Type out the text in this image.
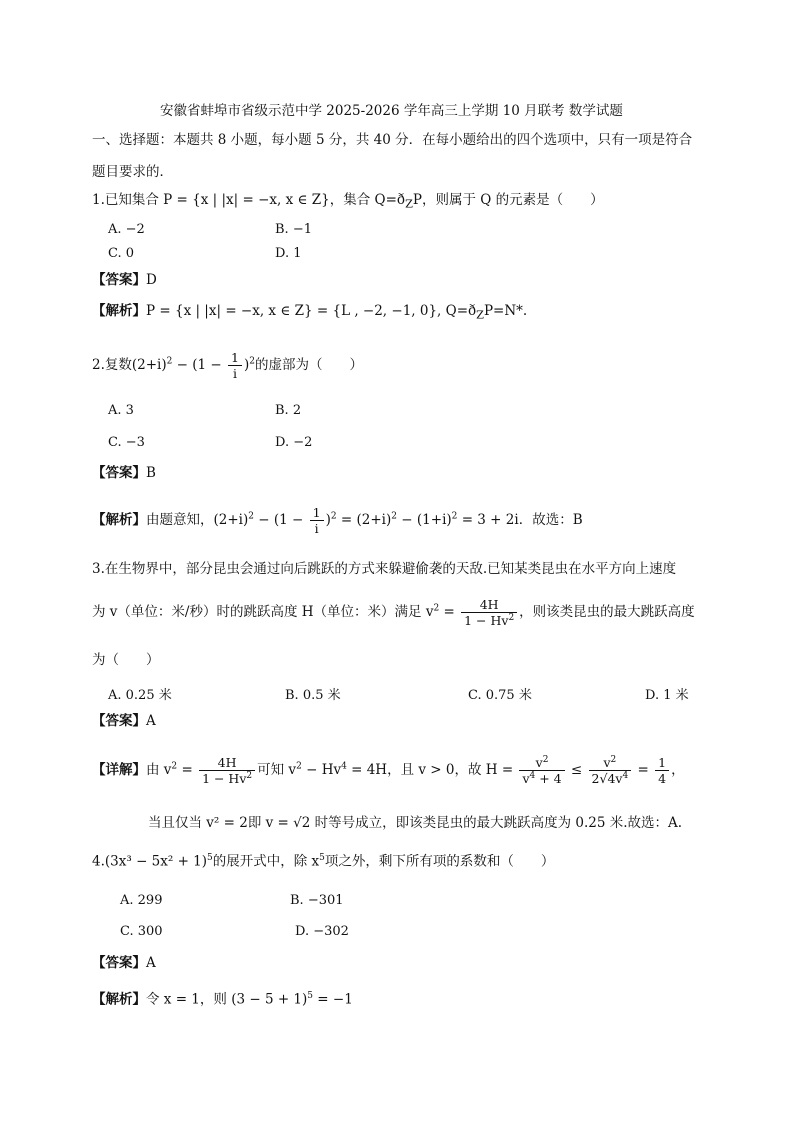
安徽省蚌埠市省级示范中学 2025-2026 学年高三上学期 10 月联考 数学试题
一、选择题：本题共 8 小题，每小题 5 分，共 40 分．在每小题给出的四个选项中，只有一项是符合
题目要求的．
1.已知集合 P = {x | |x| = −x, x ∈ Z}，集合 $Q=ð_ZP$，则属于 Q 的元素是（　　）
A. −2	B. −1
C. 0	D. 1
【答案】D
【解析】P = {x | |x| = −x, x ∈ Z} = {L , −2, −1, 0}, $Q=ð_ZP=N*$.
2.复数$(2+i)^2 - (1 - \frac{1}{i} )^2$的虚部为（　　）
A. 3	B. 2
C. −3	D. −2
【答案】B
【解析】由题意知，$(2+i)^2 - (1 - \frac{1}{i} )^2 = (2+i)^2 - (1+i)^2 = 3 + 2i$．故选：B
3.在生物界中，部分昆虫会通过向后跳跃的方式来躲避偷袭的天敌.已知某类昆虫在水平方向上速度
为 v（单位：米/秒）时的跳跃高度 H（单位：米）满足 $v^2 = \frac{4H}{1 - Hv^2}$ ，则该类昆虫的最大跳跃高度
为（　　）
A. 0.25 米	B. 0.5 米	C. 0.75 米	D. 1 米
【答案】A
【详解】由 $v^2 = \frac{4H}{1 - Hv^2}$ 可知 $v^2 - Hv^4 = 4H$，且 v > 0，故 $H = \frac{v^2}{v^4 + 4} \le \frac{v^2}{2√4v^4} = \frac{1}{4}$ ，
当且仅当 v² = 2即 v = √2 时等号成立，即该类昆虫的最大跳跃高度为 0.25 米.故选：A.
$4.(3x^3 - 5x^2 + 1)^5$的展开式中，除 $x^5$项之外，剩下所有项的系数和（　　）
A. 299	B. −301
C. 300	D. −302
【答案】A
【解析】令 x = 1，则 $(3 - 5 + 1)^5 = -1$
